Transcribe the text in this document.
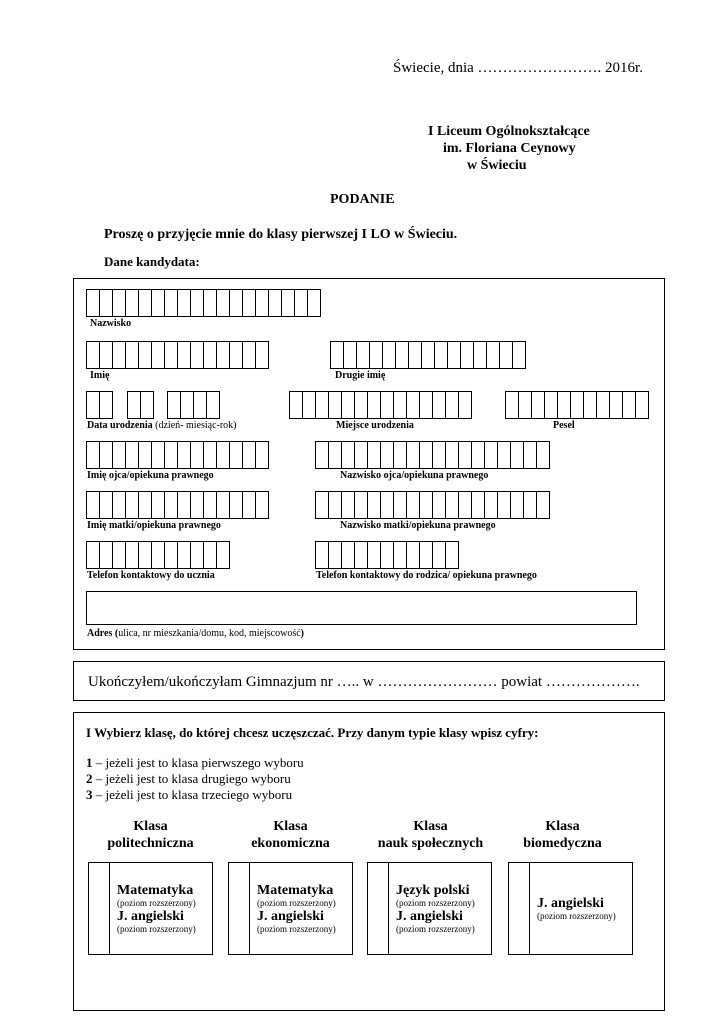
Świecie, dnia ……………………. 2016r.
I Liceum Ogólnokształcące
im. Floriana Ceynowy
w Świeciu
PODANIE
Proszę o przyjęcie mnie do klasy pierwszej I LO w Świeciu.
Dane kandydata:
Nazwisko
Imię	Drugie imię
Data urodzenia (dzień- miesiąc-rok)	Miejsce urodzenia	Pesel
Imię ojca/opiekuna prawnego	Nazwisko ojca/opiekuna prawnego
Imię matki/opiekuna prawnego	Nazwisko matki/opiekuna prawnego
Telefon kontaktowy do ucznia	Telefon kontaktowy do rodzica/ opiekuna prawnego
Adres (ulica, nr mieszkania/domu, kod, miejscowość)
Ukończyłem/ukończyłam Gimnazjum nr ….. w …………………… powiat ……………….
I Wybierz klasę, do której chcesz uczęszczać. Przy danym typie klasy wpisz cyfry:
1 – jeżeli jest to klasa pierwszego wyboru
2 – jeżeli jest to klasa drugiego wyboru
3 – jeżeli jest to klasa trzeciego wyboru
Klasa
politechniczna
Klasa
ekonomiczna
Klasa
nauk społecznych
Klasa
biomedyczna
Matematyka
(poziom rozszerzony)
J. angielski
(poziom rozszerzony)
Matematyka
(poziom rozszerzony)
J. angielski
(poziom rozszerzony)
Język polski
(poziom rozszerzony)
J. angielski
(poziom rozszerzony)
J. angielski
(poziom rozszerzony)
